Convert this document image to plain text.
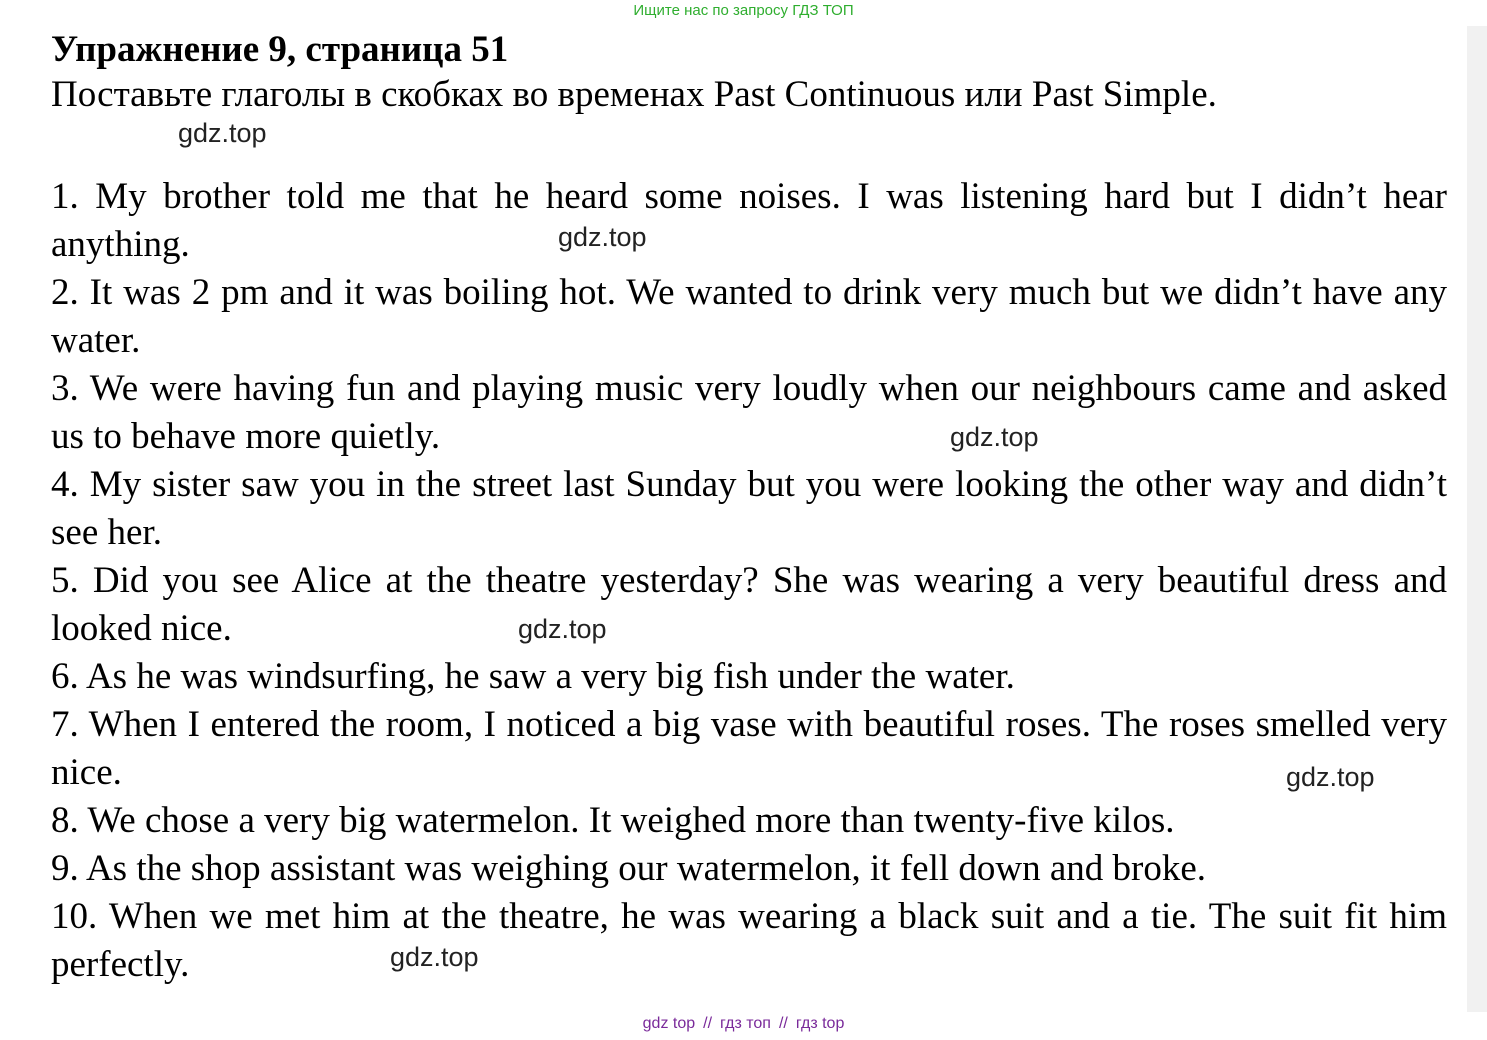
Ищите нас по запросу ГДЗ ТОП

Упражнение 9, страница 51

Поставьте глаголы в скобках во временах Past Continuous или Past Simple.

1. My brother told me that he heard some noises. I was listening hard but I didn’t hear anything.

2. It was 2 pm and it was boiling hot. We wanted to drink very much but we didn’t have any water.

3. We were having fun and playing music very loudly when our neighbours came and asked us to behave more quietly.

4. My sister saw you in the street last Sunday but you were looking the other way and didn’t see her.

5. Did you see Alice at the theatre yesterday? She was wearing a very beautiful dress and looked nice.

6. As he was windsurfing, he saw a very big fish under the water.

7. When I entered the room, I noticed a big vase with beautiful roses. The roses smelled very nice.

8. We chose a very big watermelon. It weighed more than twenty-five kilos.

9. As the shop assistant was weighing our watermelon, it fell down and broke.

10. When we met him at the theatre, he was wearing a black suit and a tie. The suit fit him perfectly.

gdz.top
gdz.top
gdz.top
gdz.top
gdz.top
gdz.top
gdz top // гдз топ // гдз top
